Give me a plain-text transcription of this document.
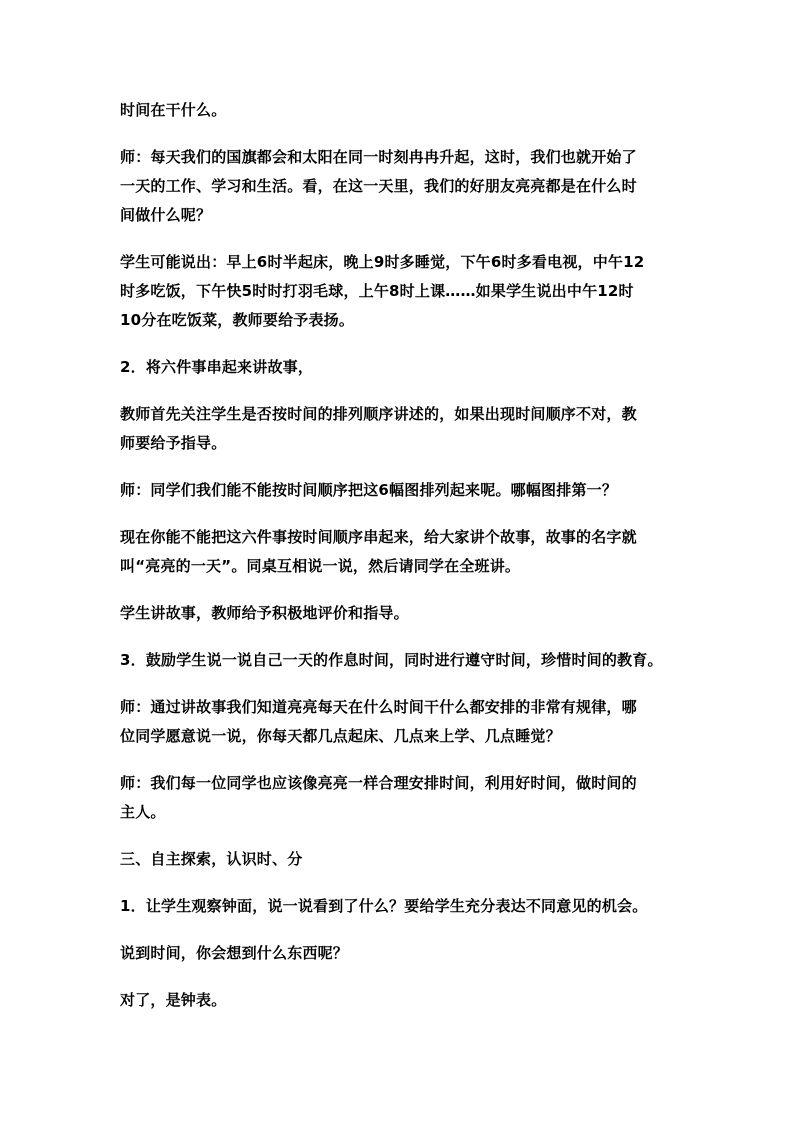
时间在干什么。
师：每天我们的国旗都会和太阳在同一时刻冉冉升起，这时，我们也就开始了
一天的工作、学习和生活。看，在这一天里，我们的好朋友亮亮都是在什么时
间做什么呢？
学生可能说出：早上6时半起床，晚上9时多睡觉，下午6时多看电视，中午12
时多吃饭，下午快5时时打羽毛球，上午8时上课……如果学生说出中午12时
10分在吃饭菜，教师要给予表扬。
2．将六件事串起来讲故事，
教师首先关注学生是否按时间的排列顺序讲述的，如果出现时间顺序不对，教
师要给予指导。
师：同学们我们能不能按时间顺序把这6幅图排列起来呢。哪幅图排第一？
现在你能不能把这六件事按时间顺序串起来，给大家讲个故事，故事的名字就
叫“亮亮的一天”。同桌互相说一说，然后请同学在全班讲。
学生讲故事，教师给予积极地评价和指导。
3．鼓励学生说一说自己一天的作息时间，同时进行遵守时间，珍惜时间的教育。
师：通过讲故事我们知道亮亮每天在什么时间干什么都安排的非常有规律，哪
位同学愿意说一说，你每天都几点起床、几点来上学、几点睡觉？
师：我们每一位同学也应该像亮亮一样合理安排时间，利用好时间，做时间的
主人。
三、自主探索，认识时、分
1．让学生观察钟面，说一说看到了什么？要给学生充分表达不同意见的机会。
说到时间，你会想到什么东西呢？
对了，是钟表。
